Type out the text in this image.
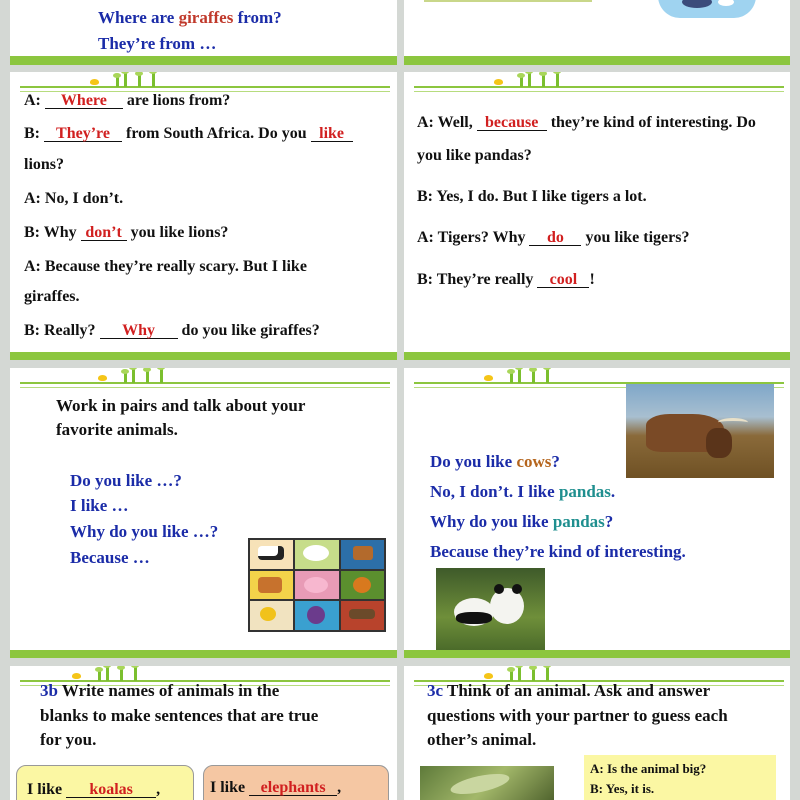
Where are giraffes from?
They’re from …
A: Where are lions from?
B: They’re from South Africa. Do you like
lions?
A: No, I don’t.
B: Why don’t you like lions?
A: Because they’re really scary. But I like
giraffes.
B: Really? Why do you like giraffes?
A: Well, because they’re kind of interesting. Do
you like pandas?
B: Yes, I do. But I like tigers a lot.
A: Tigers? Why do you like tigers?
B: They’re really cool !
Work in pairs and talk about your
favorite animals.
Do you like …?
I like …
Why do you like …?
Because …
Do you like cows?
No, I don’t. I like pandas.
Why do you like pandas?
Because they’re kind of interesting.
3b Write names of animals in the
blanks to make sentences that are true
for you.
I like koalas ,	I like elephants ,
3c Think of an animal. Ask and answer
questions with your partner to guess each
other’s animal.
A: Is the animal big?
B: Yes, it is.
